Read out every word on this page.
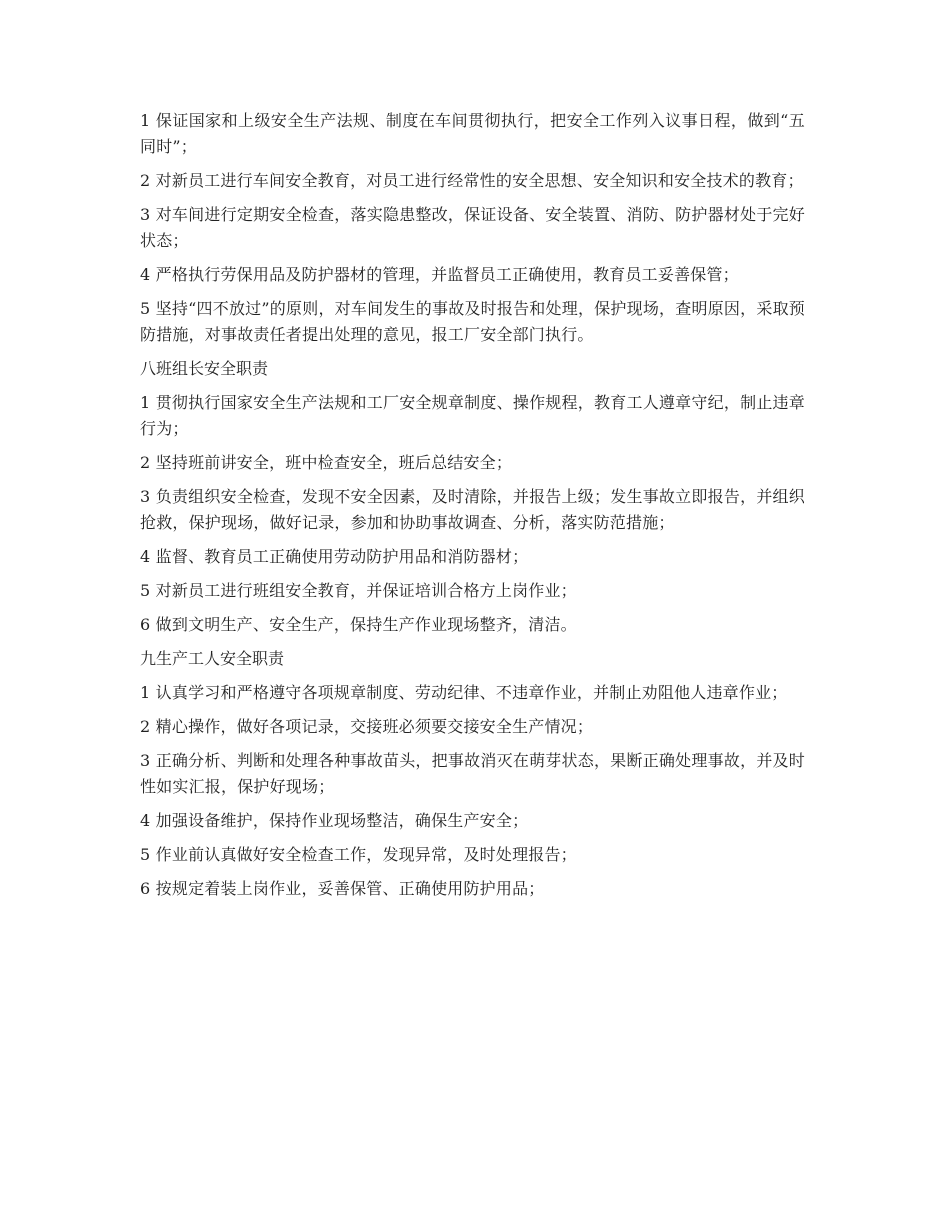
1 保证国家和上级安全生产法规、制度在车间贯彻执行，把安全工作列入议事日程，做到“五同时”；

2 对新员工进行车间安全教育，对员工进行经常性的安全思想、安全知识和安全技术的教育；

3 对车间进行定期安全检查，落实隐患整改，保证设备、安全装置、消防、防护器材处于完好状态；

4 严格执行劳保用品及防护器材的管理，并监督员工正确使用，教育员工妥善保管；

5 坚持“四不放过”的原则，对车间发生的事故及时报告和处理，保护现场，查明原因，采取预防措施，对事故责任者提出处理的意见，报工厂安全部门执行。

八班组长安全职责

1 贯彻执行国家安全生产法规和工厂安全规章制度、操作规程，教育工人遵章守纪，制止违章行为；

2 坚持班前讲安全，班中检查安全，班后总结安全；

3 负责组织安全检查，发现不安全因素，及时清除，并报告上级；发生事故立即报告，并组织抢救，保护现场，做好记录，参加和协助事故调查、分析，落实防范措施；

4 监督、教育员工正确使用劳动防护用品和消防器材；

5 对新员工进行班组安全教育，并保证培训合格方上岗作业；

6 做到文明生产、安全生产，保持生产作业现场整齐，清洁。

九生产工人安全职责

1 认真学习和严格遵守各项规章制度、劳动纪律、不违章作业，并制止劝阻他人违章作业；

2 精心操作，做好各项记录，交接班必须要交接安全生产情况；

3 正确分析、判断和处理各种事故苗头，把事故消灭在萌芽状态，果断正确处理事故，并及时性如实汇报，保护好现场；

4 加强设备维护，保持作业现场整洁，确保生产安全；

5 作业前认真做好安全检查工作，发现异常，及时处理报告；

6 按规定着装上岗作业，妥善保管、正确使用防护用品；
